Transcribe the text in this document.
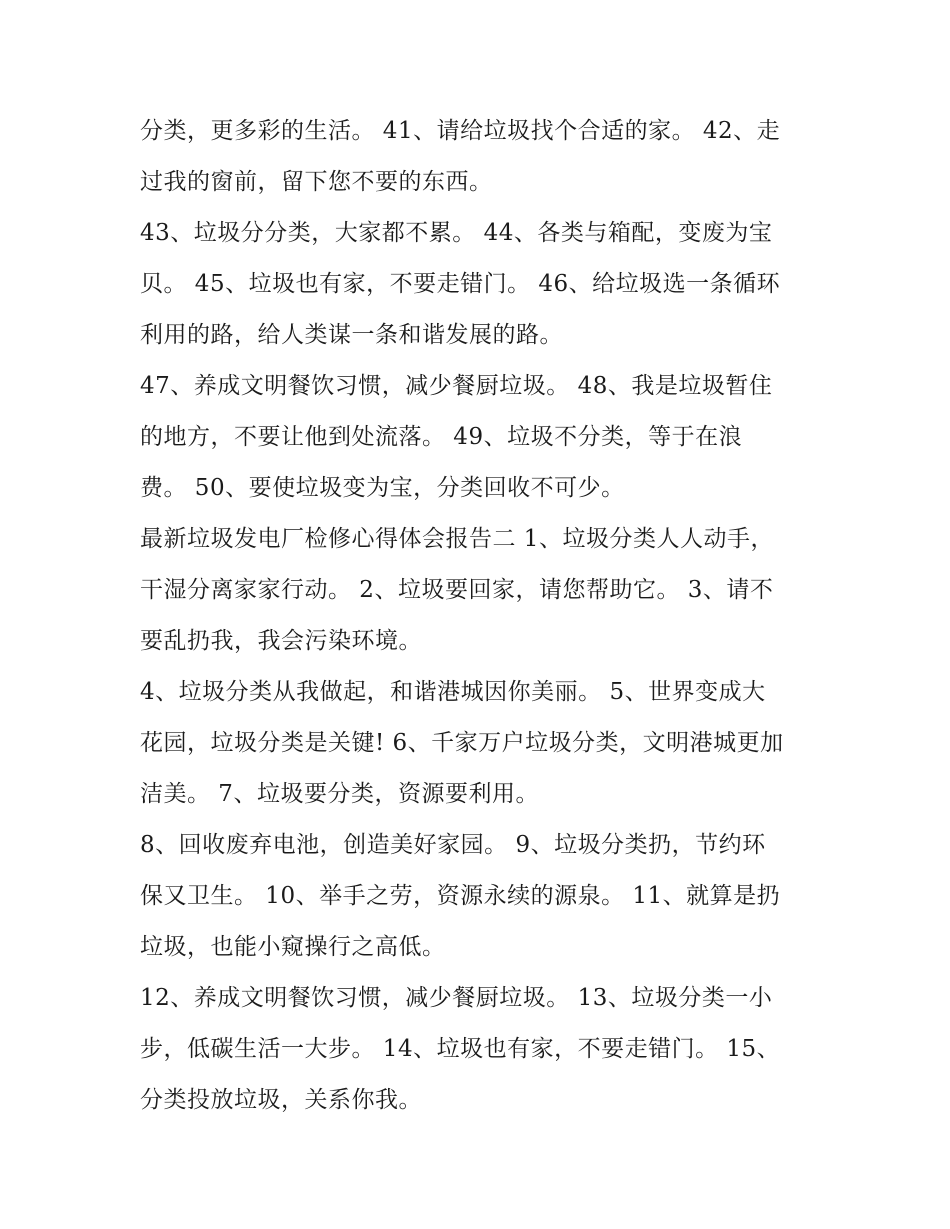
分类，更多彩的生活。 41、请给垃圾找个合适的家。 42、走
过我的窗前，留下您不要的东西。
43、垃圾分分类，大家都不累。 44、各类与箱配，变废为宝
贝。 45、垃圾也有家，不要走错门。 46、给垃圾选一条循环
利用的路，给人类谋一条和谐发展的路。
47、养成文明餐饮习惯，减少餐厨垃圾。 48、我是垃圾暂住
的地方，不要让他到处流落。 49、垃圾不分类，等于在浪
费。 50、要使垃圾变为宝，分类回收不可少。
最新垃圾发电厂检修心得体会报告二 1、垃圾分类人人动手，
干湿分离家家行动。 2、垃圾要回家，请您帮助它。 3、请不
要乱扔我，我会污染环境。
4、垃圾分类从我做起，和谐港城因你美丽。 5、世界变成大
花园，垃圾分类是关键! 6、千家万户垃圾分类，文明港城更加
洁美。 7、垃圾要分类，资源要利用。
8、回收废弃电池，创造美好家园。 9、垃圾分类扔，节约环
保又卫生。 10、举手之劳，资源永续的源泉。 11、就算是扔
垃圾，也能小窥操行之高低。
12、养成文明餐饮习惯，减少餐厨垃圾。 13、垃圾分类一小
步，低碳生活一大步。 14、垃圾也有家，不要走错门。 15、
分类投放垃圾，关系你我。
